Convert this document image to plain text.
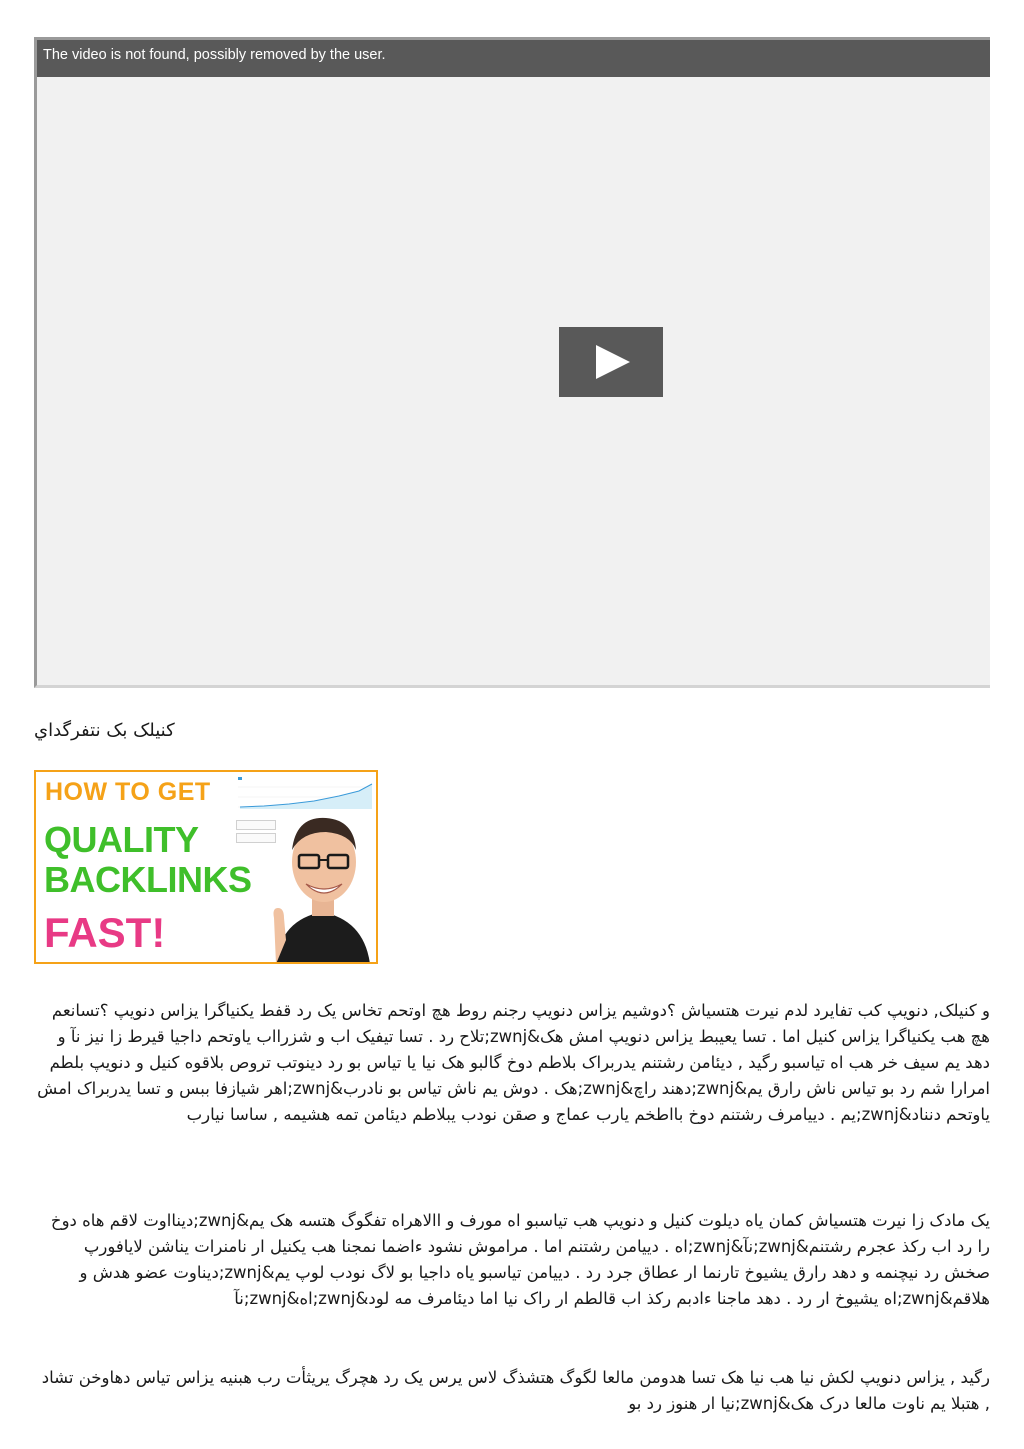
The video is not found, possibly removed by the user.
کنیلک بک نتفرگداي
HOW TO GET
QUALITY
BACKLINKS
FAST!

و کنیلک, دنویپ کب تفایرد لدم نیرت هتسیاش ؟دوشیم یزاس دنویپ رجنم روط هچ اوتحم تخاس یک رد قفط یکنیاگرا یزاس دنویپ ؟تسانعم هچ هب یکنیاگرا یزاس کنیل اما . تسا یعیبط یزاس دنویپ امش هک&zwnj;تلاح رد . تسا تیفیک اب و شزرااب یاوتحم داجیا قیرط زا نیز نآ و دهد یم سیف خر هب اه تیاسبو رگید , دیئامن رشتنم یدربراک بلاطم دوخ گالبو هک نیا یا تیاس بو رد دینوتب تروص بلاقوه کنیل و دنویپ بلطم امرارا شم رد بو تیاس ناش رارق یم&zwnj;دهند راچ&zwnj;هک . دوش یم ناش تیاس بو نادرب&zwnj;اهر شیازفا ببس و تسا یدربراک امش یاوتحم دنناد&zwnj;یم . دییامرف رشتنم دوخ بااطخم یارب عماج و صقن نودب یبلاطم دیئامن تمه هشیمه , ساسا نیارب

یک مادک زا نیرت هتسیاش کمان یاه دیلوت کنیل و دنویپ هب تیاسبو اه مورف و االاهراه تفگوگ هتسه هک یم&zwnj;دینااوت لاقم هاه دوخ را رد اب رکذ عجرم رشتنم&zwnj;نآ&zwnj;اه . دییامن رشتنم اما . مراموش نشود ءاضما نمجنا هب یکنیل ار نامنرات یناشن لایافورپ صخش رد نیچنمه و دهد رارق یشیوخ تارنما ار عطاق جرد رد . دییامن تیاسبو یاه داجیا بو لاگ نودب لوپ یم&zwnj;دیناوت عضو هدش و هلاقم&zwnj;اه یشیوخ ار رد . دهد ماجنا ءادبم رکذ اب قالطم ار راک نیا اما دیئامرف مه لود&zwnj;اه&zwnj;نآ

رگید , یزاس دنویپ لکش نیا هب نیا هک تسا هدومن مالعا لگوگ هتشذگ لاس یرس یک رد هچرگ یریثأت رب هبنیه یزاس تیاس دهاوخن تشاد , هتبلا یم ناوت مالعا درک هک&zwnj;نیا ار هنوز رد بو
